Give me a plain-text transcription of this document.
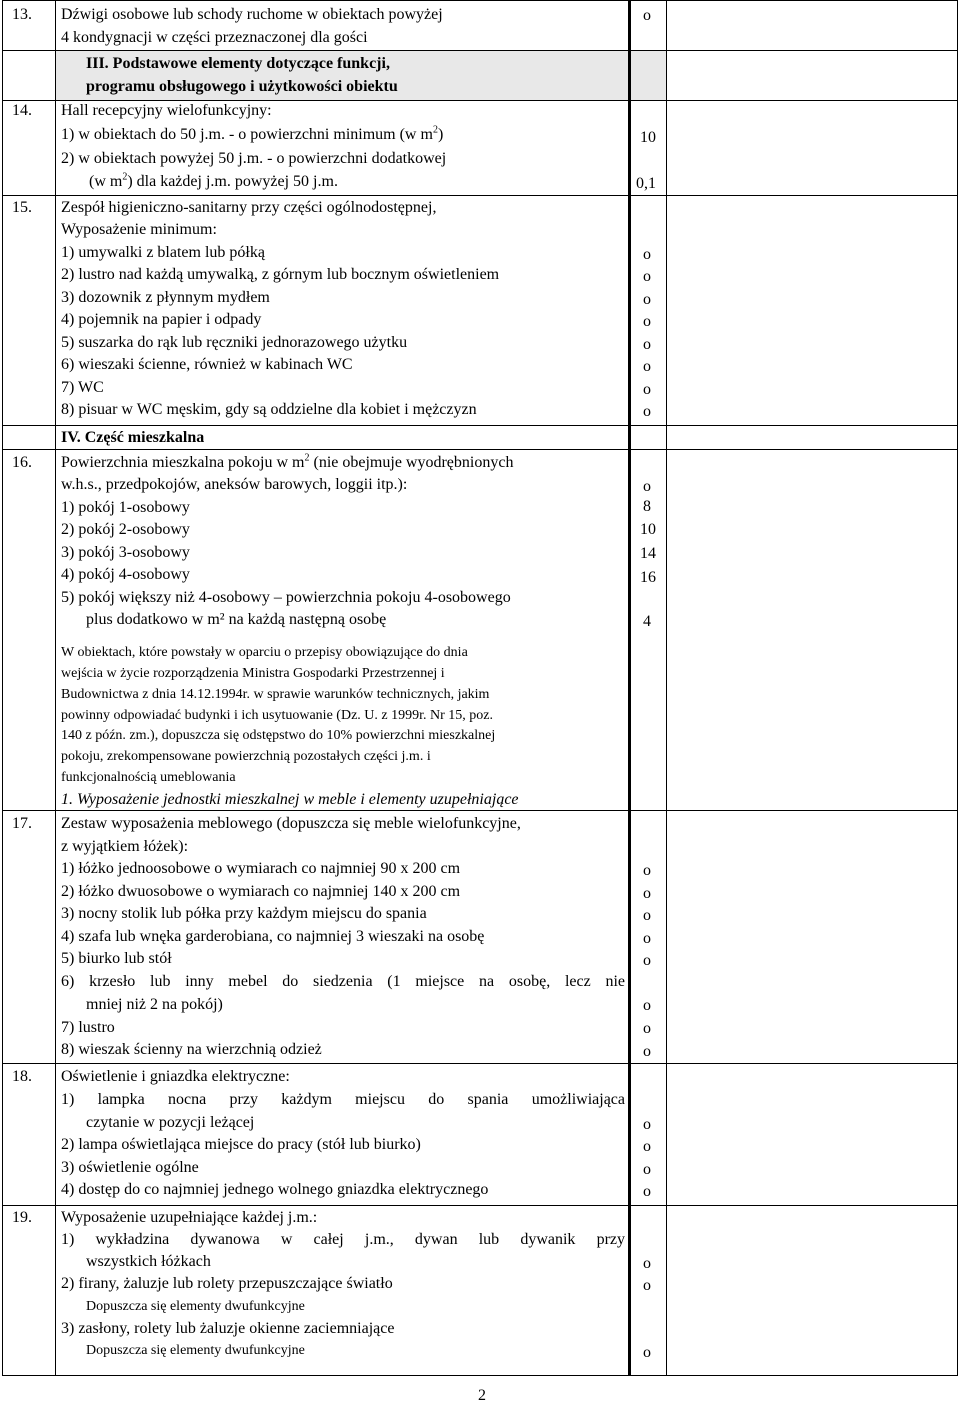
13. Dźwigi osobowe lub schody ruchome w obiektach powyżej
4 kondygnacji w części przeznaczonej dla gości
o
III. Podstawowe elementy dotyczące funkcji,
programu obsługowego i użytkowości obiektu
14. Hall recepcyjny wielofunkcyjny:
1) w obiektach do 50 j.m. - o powierzchni minimum (w $m^2$)
2) w obiektach powyżej 50 j.m. - o powierzchni dodatkowej
(w $m^2$) dla każdej j.m. powyżej 50 j.m.
10
0,1
15. Zespół higieniczno-sanitarny przy części ogólnodostępnej,
Wyposażenie minimum:
1) umywalki z blatem lub półką
2) lustro nad każdą umywalką, z górnym lub bocznym oświetleniem
3) dozownik z płynnym mydłem
4) pojemnik na papier i odpady
5) suszarka do rąk lub ręczniki jednorazowego użytku
6) wieszaki ścienne, również w kabinach WC
7) WC
8) pisuar w WC męskim, gdy są oddzielne dla kobiet i mężczyzn
o
o
o
o
o
o
o
o
IV. Część mieszkalna
16. Powierzchnia mieszkalna pokoju w $m^2$ (nie obejmuje wyodrębnionych
w.h.s., przedpokojów, aneksów barowych, loggii itp.):
1) pokój 1-osobowy
2) pokój 2-osobowy
3) pokój 3-osobowy
4) pokój 4-osobowy
5) pokój większy niż 4-osobowy – powierzchnia pokoju 4-osobowego
plus dodatkowo w m² na każdą następną osobę
o
8
10
14
16
4
W obiektach, które powstały w oparciu o przepisy obowiązujące do dnia
wejścia w życie rozporządzenia Ministra Gospodarki Przestrzennej i
Budownictwa z dnia 14.12.1994r. w sprawie warunków technicznych, jakim
powinny odpowiadać budynki i ich usytuowanie (Dz. U. z 1999r. Nr 15, poz.
140 z późn. zm.), dopuszcza się odstępstwo do 10% powierzchni mieszkalnej
pokoju, zrekompensowane powierzchnią pozostałych części j.m. i
funkcjonalnością umeblowania
1. Wyposażenie jednostki mieszkalnej w meble i elementy uzupełniające
17. Zestaw wyposażenia meblowego (dopuszcza się meble wielofunkcyjne,
z wyjątkiem łóżek):
1) łóżko jednoosobowe o wymiarach co najmniej 90 x 200 cm
2) łóżko dwuosobowe o wymiarach co najmniej 140 x 200 cm
3) nocny stolik lub półka przy każdym miejscu do spania
4) szafa lub wnęka garderobiana, co najmniej 3 wieszaki na osobę
5) biurko lub stół
6) krzesło lub inny mebel do siedzenia (1 miejsce na osobę, lecz nie
mniej niż 2 na pokój)
7) lustro
8) wieszak ścienny na wierzchnią odzież
o
o
o
o
o
o
o
o
18. Oświetlenie i gniazdka elektryczne:
1) lampka nocna przy każdym miejscu do spania umożliwiająca
czytanie w pozycji leżącej
2) lampa oświetlająca miejsce do pracy (stół lub biurko)
3) oświetlenie ogólne
4) dostęp do co najmniej jednego wolnego gniazdka elektrycznego
o
o
o
o
19. Wyposażenie uzupełniające każdej j.m.:
1) wykładzina dywanowa w całej j.m., dywan lub dywanik przy
wszystkich łóżkach
2) firany, żaluzje lub rolety przepuszczające światło
Dopuszcza się elementy dwufunkcyjne
3) zasłony, rolety lub żaluzje okienne zaciemniające
Dopuszcza się elementy dwufunkcyjne
o
o
o
2
